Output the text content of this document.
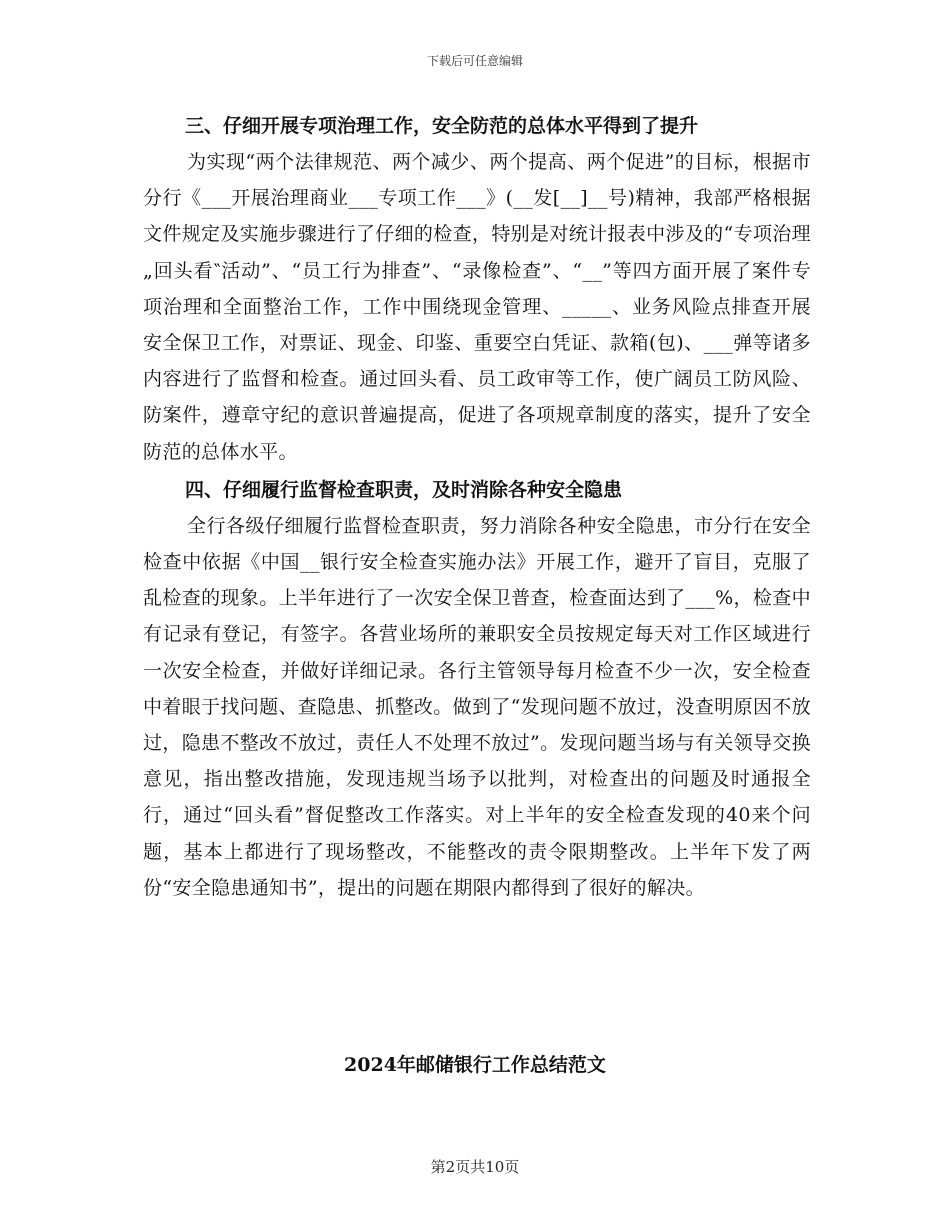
下载后可任意编辑

三、仔细开展专项治理工作，安全防范的总体水平得到了提升

为实现“两个法律规范、两个减少、两个提高、两个促进”的目标，根据市分行《___开展治理商业___专项工作___》(__发[__]__号)精神，我部严格根据文件规定及实施步骤进行了仔细的检查，特别是对统计报表中涉及的“专项治理„回头看‶活动”、“员工行为排查”、“录像检查”、“__”等四方面开展了案件专项治理和全面整治工作，工作中围绕现金管理、_____、业务风险点排查开展安全保卫工作，对票证、现金、印鉴、重要空白凭证、款箱(包)、___弹等诸多内容进行了监督和检查。通过回头看、员工政审等工作，使广阔员工防风险、防案件，遵章守纪的意识普遍提高，促进了各项规章制度的落实，提升了安全防范的总体水平。

四、仔细履行监督检查职责，及时消除各种安全隐患

全行各级仔细履行监督检查职责，努力消除各种安全隐患，市分行在安全检查中依据《中国__银行安全检查实施办法》开展工作，避开了盲目，克服了乱检查的现象。上半年进行了一次安全保卫普查，检查面达到了___%，检查中有记录有登记，有签字。各营业场所的兼职安全员按规定每天对工作区域进行一次安全检查，并做好详细记录。各行主管领导每月检查不少一次，安全检查中着眼于找问题、查隐患、抓整改。做到了“发现问题不放过，没查明原因不放过，隐患不整改不放过，责任人不处理不放过”。发现问题当场与有关领导交换意见，指出整改措施，发现违规当场予以批判，对检查出的问题及时通报全行，通过“回头看”督促整改工作落实。对上半年的安全检查发现的40来个问题，基本上都进行了现场整改，不能整改的责令限期整改。上半年下发了两份“安全隐患通知书”，提出的问题在期限内都得到了很好的解决。

2024年邮储银行工作总结范文
第2页共10页
